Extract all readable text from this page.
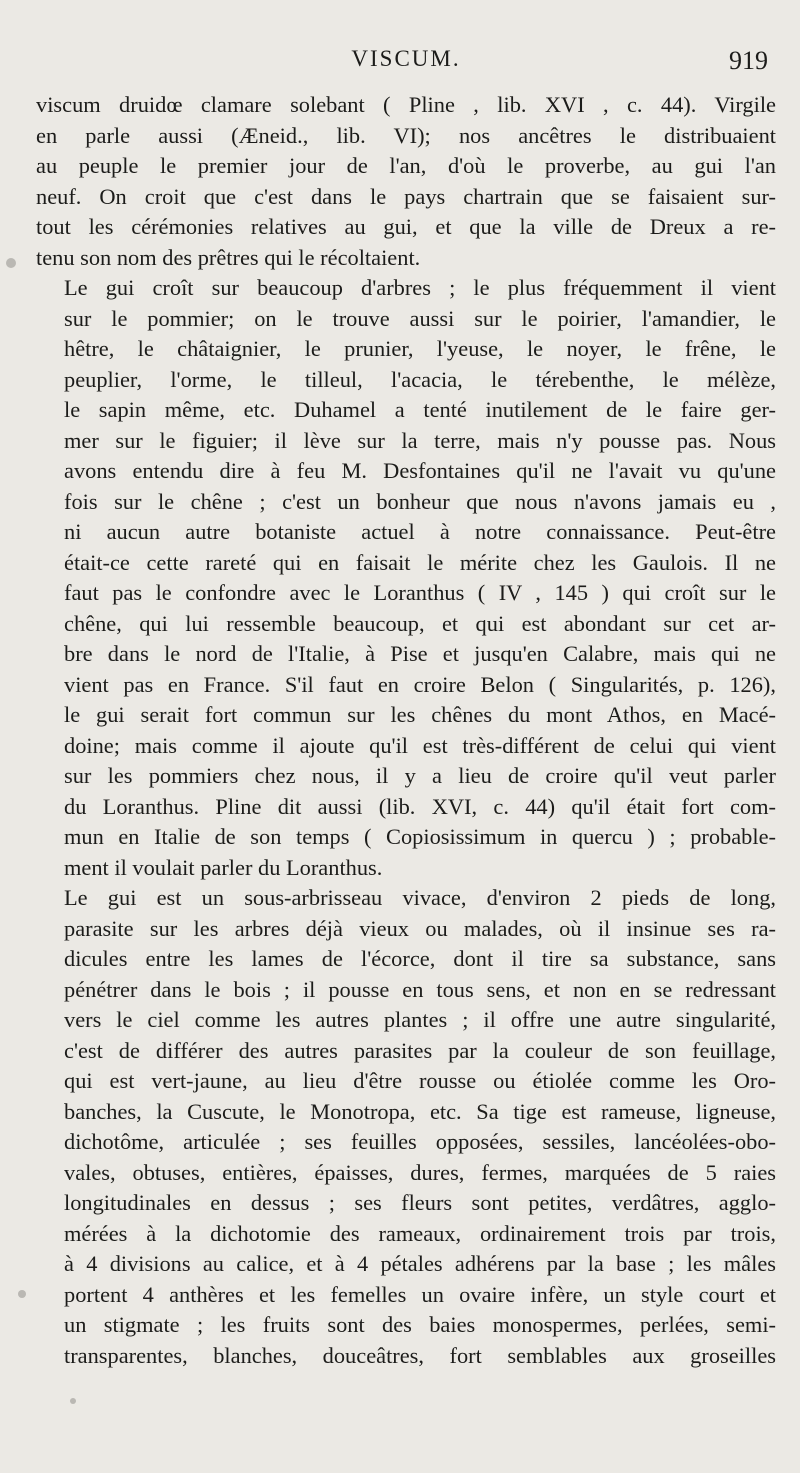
VISCUM.	919

viscum druidœ clamare solebant ( Pline , lib. XVI , c. 44). Virgile
en parle aussi (Æneid., lib. VI); nos ancêtres le distribuaient
au peuple le premier jour de l'an, d'où le proverbe, au gui l'an
neuf. On croit que c'est dans le pays chartrain que se faisaient sur-
tout les cérémonies relatives au gui, et que la ville de Dreux a re-
tenu son nom des prêtres qui le récoltaient.

Le gui croît sur beaucoup d'arbres ; le plus fréquemment il vient
sur le pommier; on le trouve aussi sur le poirier, l'amandier, le
hêtre, le châtaignier, le prunier, l'yeuse, le noyer, le frêne, le
peuplier, l'orme, le tilleul, l'acacia, le térebenthe, le mélèze,
le sapin même, etc. Duhamel a tenté inutilement de le faire ger-
mer sur le figuier; il lève sur la terre, mais n'y pousse pas. Nous
avons entendu dire à feu M. Desfontaines qu'il ne l'avait vu qu'une
fois sur le chêne ; c'est un bonheur que nous n'avons jamais eu ,
ni aucun autre botaniste actuel à notre connaissance. Peut-être
était-ce cette rareté qui en faisait le mérite chez les Gaulois. Il ne
faut pas le confondre avec le Loranthus ( IV , 145 ) qui croît sur le
chêne, qui lui ressemble beaucoup, et qui est abondant sur cet ar-
bre dans le nord de l'Italie, à Pise et jusqu'en Calabre, mais qui ne
vient pas en France. S'il faut en croire Belon ( Singularités, p. 126),
le gui serait fort commun sur les chênes du mont Athos, en Macé-
doine; mais comme il ajoute qu'il est très-différent de celui qui vient
sur les pommiers chez nous, il y a lieu de croire qu'il veut parler
du Loranthus. Pline dit aussi (lib. XVI, c. 44) qu'il était fort com-
mun en Italie de son temps ( Copiosissimum in quercu ) ; probable-
ment il voulait parler du Loranthus.

Le gui est un sous-arbrisseau vivace, d'environ 2 pieds de long,
parasite sur les arbres déjà vieux ou malades, où il insinue ses ra-
dicules entre les lames de l'écorce, dont il tire sa substance, sans
pénétrer dans le bois ; il pousse en tous sens, et non en se redressant
vers le ciel comme les autres plantes ; il offre une autre singularité,
c'est de différer des autres parasites par la couleur de son feuillage,
qui est vert-jaune, au lieu d'être rousse ou étiolée comme les Oro-
banches, la Cuscute, le Monotropa, etc. Sa tige est rameuse, ligneuse,
dichotôme, articulée ; ses feuilles opposées, sessiles, lancéolées-obo-
vales, obtuses, entières, épaisses, dures, fermes, marquées de 5 raies
longitudinales en dessus ; ses fleurs sont petites, verdâtres, agglo-
mérées à la dichotomie des rameaux, ordinairement trois par trois,
à 4 divisions au calice, et à 4 pétales adhérens par la base ; les mâles
portent 4 anthères et les femelles un ovaire infère, un style court et
un stigmate ; les fruits sont des baies monospermes, perlées, semi-
transparentes, blanches, douceâtres, fort semblables aux groseilles
